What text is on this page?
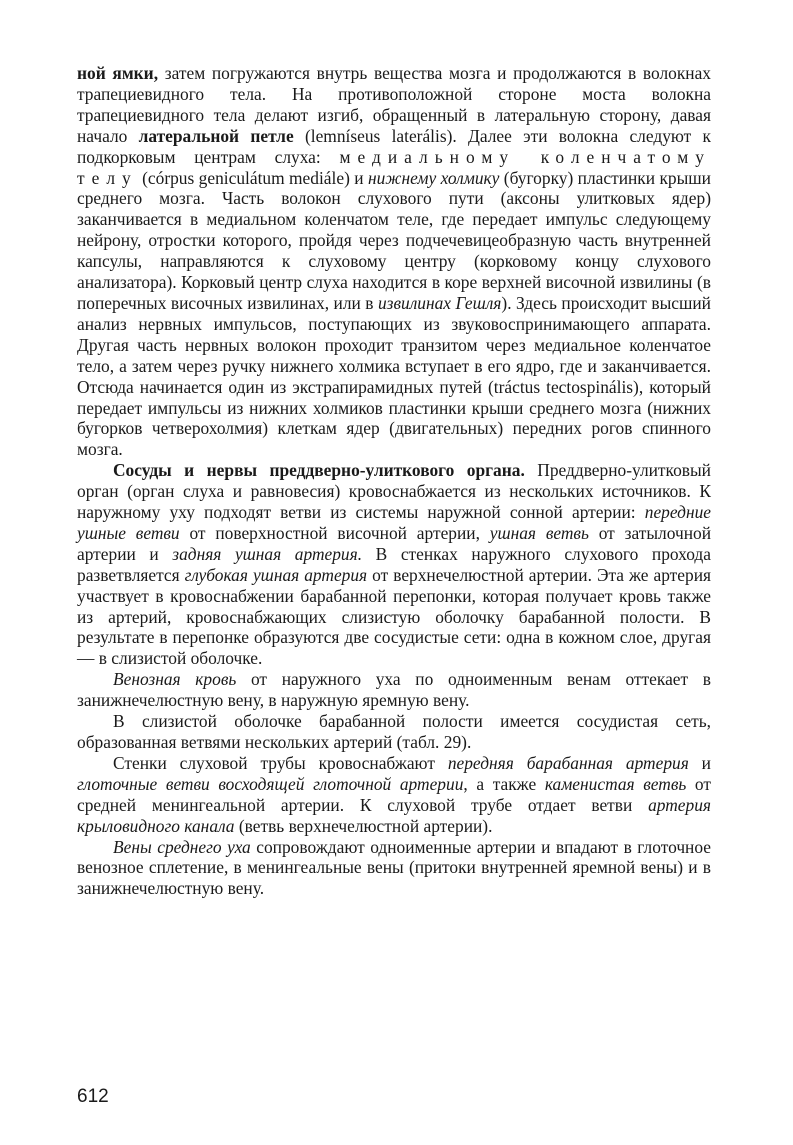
ной ямки, затем погружаются внутрь вещества мозга и продолжаются в волокнах трапециевидного тела. На противоположной стороне моста волокна трапециевидного тела делают изгиб, обращенный в латеральную сторону, давая начало латеральной петле (lemníseus laterális). Далее эти волокна следуют к подкорковым центрам слуха: медиальному коленчатому телу (córpus geniculátum mediále) и нижнему холмику (бугорку) пластинки крыши среднего мозга. Часть волокон слухового пути (аксоны улитковых ядер) заканчивается в медиальном коленчатом теле, где передает импульс следующему нейрону, отростки которого, пройдя через подчечевицеобразную часть внутренней капсулы, направляются к слуховому центру (корковому концу слухового анализатора). Корковый центр слуха находится в коре верхней височной извилины (в поперечных височных извилинах, или в извилинах Гешля). Здесь происходит высший анализ нервных импульсов, поступающих из звуковоспринимающего аппарата. Другая часть нервных волокон проходит транзитом через медиальное коленчатое тело, а затем через ручку нижнего холмика вступает в его ядро, где и заканчивается. Отсюда начинается один из экстрапирамидных путей (tráctus tectospinális), который передает импульсы из нижних холмиков пластинки крыши среднего мозга (нижних бугорков четверохолмия) клеткам ядер (двигательных) передних рогов спинного мозга.

Сосуды и нервы преддверно-улиткового органа. Преддверно-улитковый орган (орган слуха и равновесия) кровоснабжается из нескольких источников. К наружному уху подходят ветви из системы наружной сонной артерии: передние ушные ветви от поверхностной височной артерии, ушная ветвь от затылочной артерии и задняя ушная артерия. В стенках наружного слухового прохода разветвляется глубокая ушная артерия от верхнечелюстной артерии. Эта же артерия участвует в кровоснабжении барабанной перепонки, которая получает кровь также из артерий, кровоснабжающих слизистую оболочку барабанной полости. В результате в перепонке образуются две сосудистые сети: одна в кожном слое, другая — в слизистой оболочке.

Венозная кровь от наружного уха по одноименным венам оттекает в занижнечелюстную вену, в наружную яремную вену.

В слизистой оболочке барабанной полости имеется сосудистая сеть, образованная ветвями нескольких артерий (табл. 29).

Стенки слуховой трубы кровоснабжают передняя барабанная артерия и глоточные ветви восходящей глоточной артерии, а также каменистая ветвь от средней менингеальной артерии. К слуховой трубе отдает ветви артерия крыловидного канала (ветвь верхнечелюстной артерии).

Вены среднего уха сопровождают одноименные артерии и впадают в глоточное венозное сплетение, в менингеальные вены (притоки внутренней яремной вены) и в занижнечелюстную вену.

612
